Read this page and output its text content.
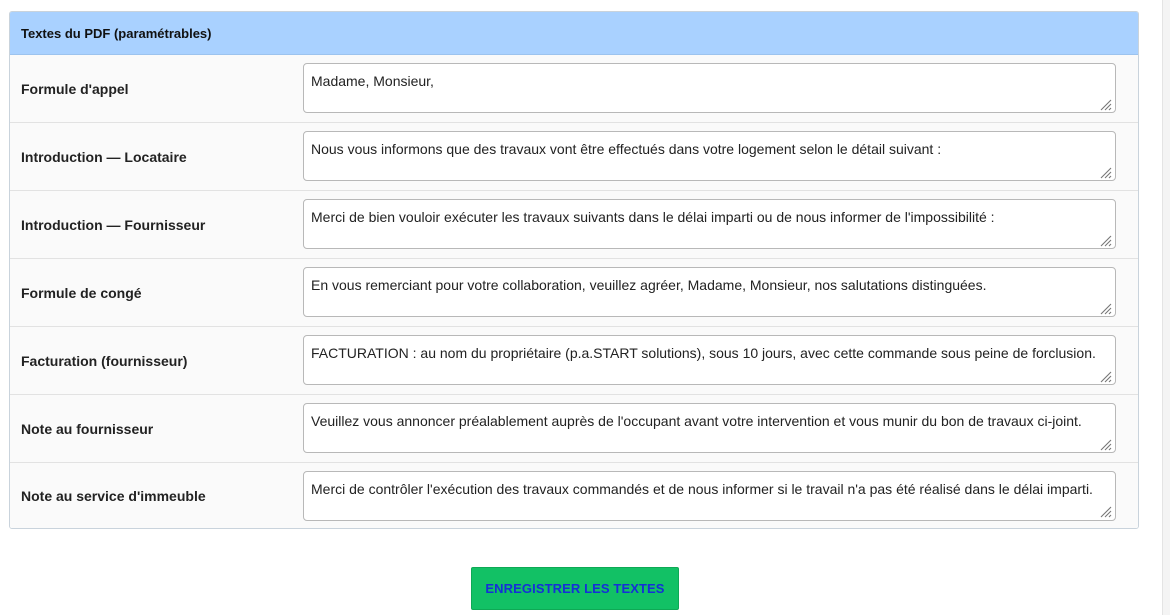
Textes du PDF (paramétrables)
Formule d'appel
Madame, Monsieur,
Introduction — Locataire
Nous vous informons que des travaux vont être effectués dans votre logement selon le détail suivant :
Introduction — Fournisseur
Merci de bien vouloir exécuter les travaux suivants dans le délai imparti ou de nous informer de l'impossibilité :
Formule de congé
En vous remerciant pour votre collaboration, veuillez agréer, Madame, Monsieur, nos salutations distinguées.
Facturation (fournisseur)
FACTURATION : au nom du propriétaire (p.a.START solutions), sous 10 jours, avec cette commande sous peine de forclusion.
Note au fournisseur
Veuillez vous annoncer préalablement auprès de l'occupant avant votre intervention et vous munir du bon de travaux ci-joint.
Note au service d'immeuble
Merci de contrôler l'exécution des travaux commandés et de nous informer si le travail n'a pas été réalisé dans le délai imparti.
ENREGISTRER LES TEXTES
